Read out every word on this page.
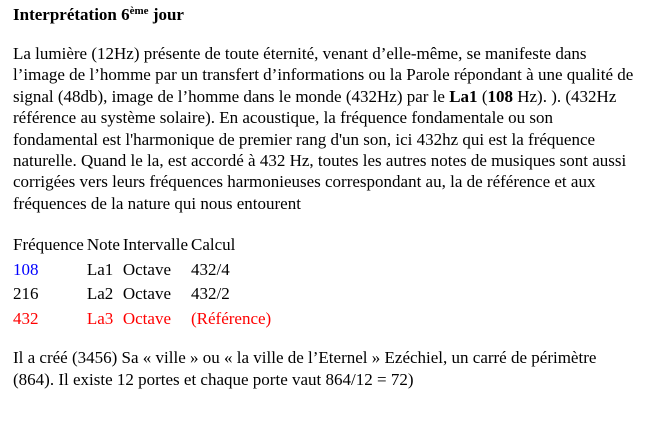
Interprétation 6ème jour

La lumière (12Hz) présente de toute éternité, venant d’elle-même, se manifeste dans l’image de l’homme par un transfert d’informations ou la Parole répondant à une qualité de signal (48db), image de l’homme dans le monde (432Hz) par le La1 (108 Hz). ). (432Hz référence au système solaire). En acoustique, la fréquence fondamentale ou son fondamental est l'harmonique de premier rang d'un son, ici 432hz qui est la fréquence naturelle. Quand le la, est accordé à 432 Hz, toutes les autres notes de musiques sont aussi corrigées vers leurs fréquences harmonieuses correspondant au, la de référence et aux fréquences de la nature qui nous entourent

Fréquence	Note	Intervalle	Calcul
108	La1	Octave	432/4
216	La2	Octave	432/2
432	La3	Octave	(Référence)

Il a créé (3456) Sa « ville » ou « la ville de l’Eternel » Ezéchiel, un carré de périmètre (864). Il existe 12 portes et chaque porte vaut 864/12 = 72)
